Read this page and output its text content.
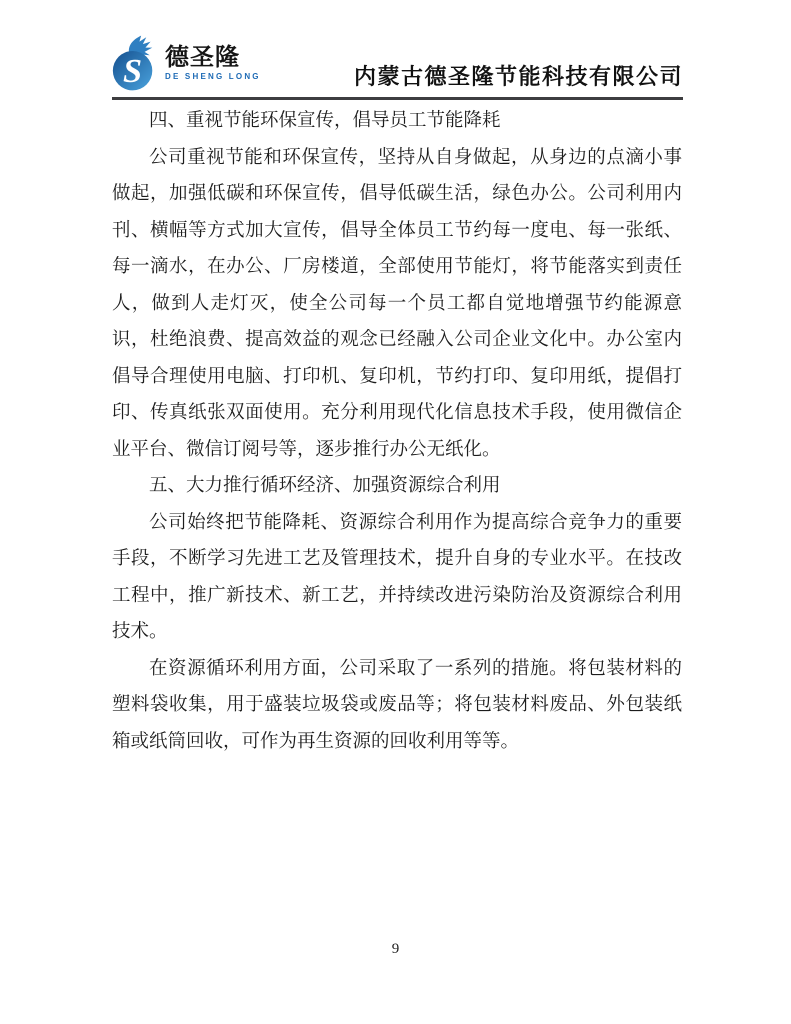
S 德圣隆
DE SHENG LONG	内蒙古德圣隆节能科技有限公司

四、重视节能环保宣传，倡导员工节能降耗

公司重视节能和环保宣传，坚持从自身做起，从身边的点滴小事做起，加强低碳和环保宣传，倡导低碳生活，绿色办公。公司利用内刊、横幅等方式加大宣传，倡导全体员工节约每一度电、每一张纸、每一滴水，在办公、厂房楼道，全部使用节能灯，将节能落实到责任人，做到人走灯灭，使全公司每一个员工都自觉地增强节约能源意识，杜绝浪费、提高效益的观念已经融入公司企业文化中。办公室内倡导合理使用电脑、打印机、复印机，节约打印、复印用纸，提倡打印、传真纸张双面使用。充分利用现代化信息技术手段，使用微信企业平台、微信订阅号等，逐步推行办公无纸化。

五、大力推行循环经济、加强资源综合利用

公司始终把节能降耗、资源综合利用作为提高综合竞争力的重要手段，不断学习先进工艺及管理技术，提升自身的专业水平。在技改工程中，推广新技术、新工艺，并持续改进污染防治及资源综合利用技术。

在资源循环利用方面，公司采取了一系列的措施。将包装材料的塑料袋收集，用于盛装垃圾袋或废品等；将包装材料废品、外包装纸箱或纸筒回收，可作为再生资源的回收利用等等。

9
